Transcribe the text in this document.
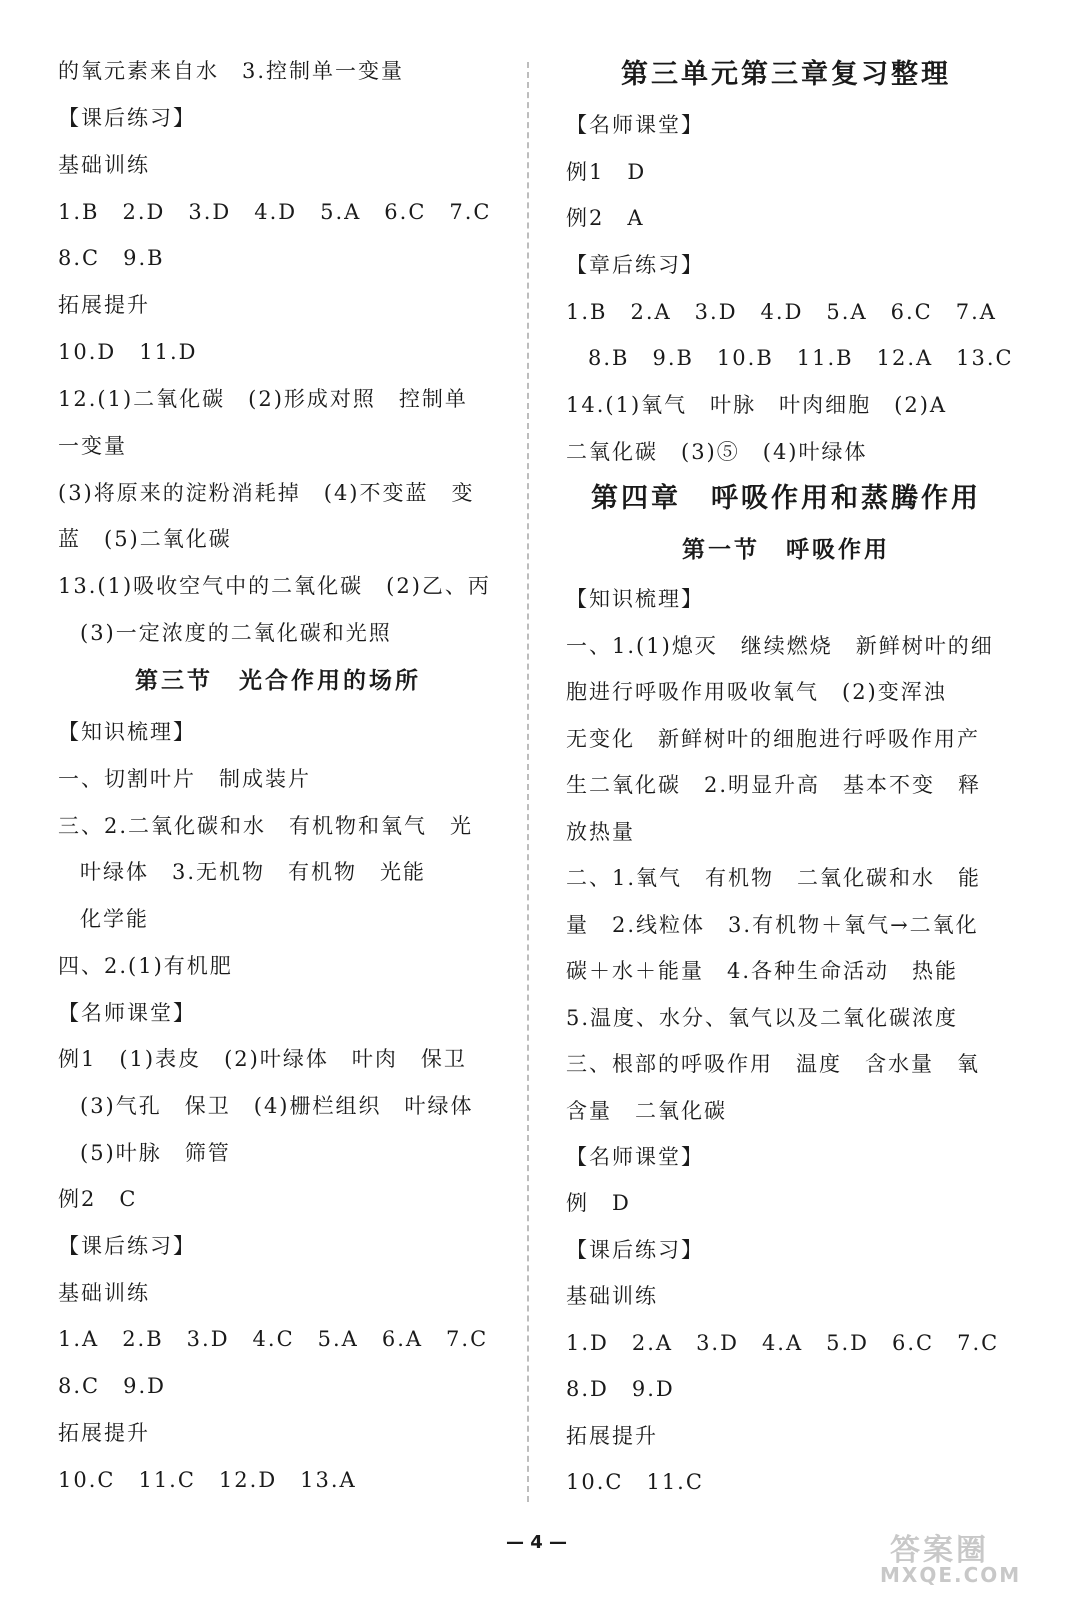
的氧元素来自水　3.控制单一变量
【课后练习】
基础训练
1.B　2.D　3.D　4.D　5.A　6.C　7.C
8.C　9.B
拓展提升
10.D　11.D
12.(1)二氧化碳　(2)形成对照　控制单
一变量
(3)将原来的淀粉消耗掉　(4)不变蓝　变
蓝　(5)二氧化碳
13.(1)吸收空气中的二氧化碳　(2)乙、丙
(3)一定浓度的二氧化碳和光照
第三节　光合作用的场所
【知识梳理】
一、切割叶片　制成装片
三、2.二氧化碳和水　有机物和氧气　光
叶绿体　3.无机物　有机物　光能
化学能
四、2.(1)有机肥
【名师课堂】
例1　(1)表皮　(2)叶绿体　叶肉　保卫
(3)气孔　保卫　(4)栅栏组织　叶绿体
(5)叶脉　筛管
例2　C
【课后练习】
基础训练
1.A　2.B　3.D　4.C　5.A　6.A　7.C
8.C　9.D
拓展提升
10.C　11.C　12.D　13.A
第三单元第三章复习整理
【名师课堂】
例1　D
例2　A
【章后练习】
1.B　2.A　3.D　4.D　5.A　6.C　7.A
8.B　9.B　10.B　11.B　12.A　13.C
14.(1)氧气　叶脉　叶肉细胞　(2)A
二氧化碳　(3)⑤　(4)叶绿体
第四章　呼吸作用和蒸腾作用
第一节　呼吸作用
【知识梳理】
一、1.(1)熄灭　继续燃烧　新鲜树叶的细
胞进行呼吸作用吸收氧气　(2)变浑浊
无变化　新鲜树叶的细胞进行呼吸作用产
生二氧化碳　2.明显升高　基本不变　释
放热量
二、1.氧气　有机物　二氧化碳和水　能
量　2.线粒体　3.有机物＋氧气→二氧化
碳＋水＋能量　4.各种生命活动　热能
5.温度、水分、氧气以及二氧化碳浓度
三、根部的呼吸作用　温度　含水量　氧
含量　二氧化碳
【名师课堂】
例　D
【课后练习】
基础训练
1.D　2.A　3.D　4.A　5.D　6.C　7.C
8.D　9.D
拓展提升
10.C　11.C
— 4 —	答案圈
MXQE.COM
